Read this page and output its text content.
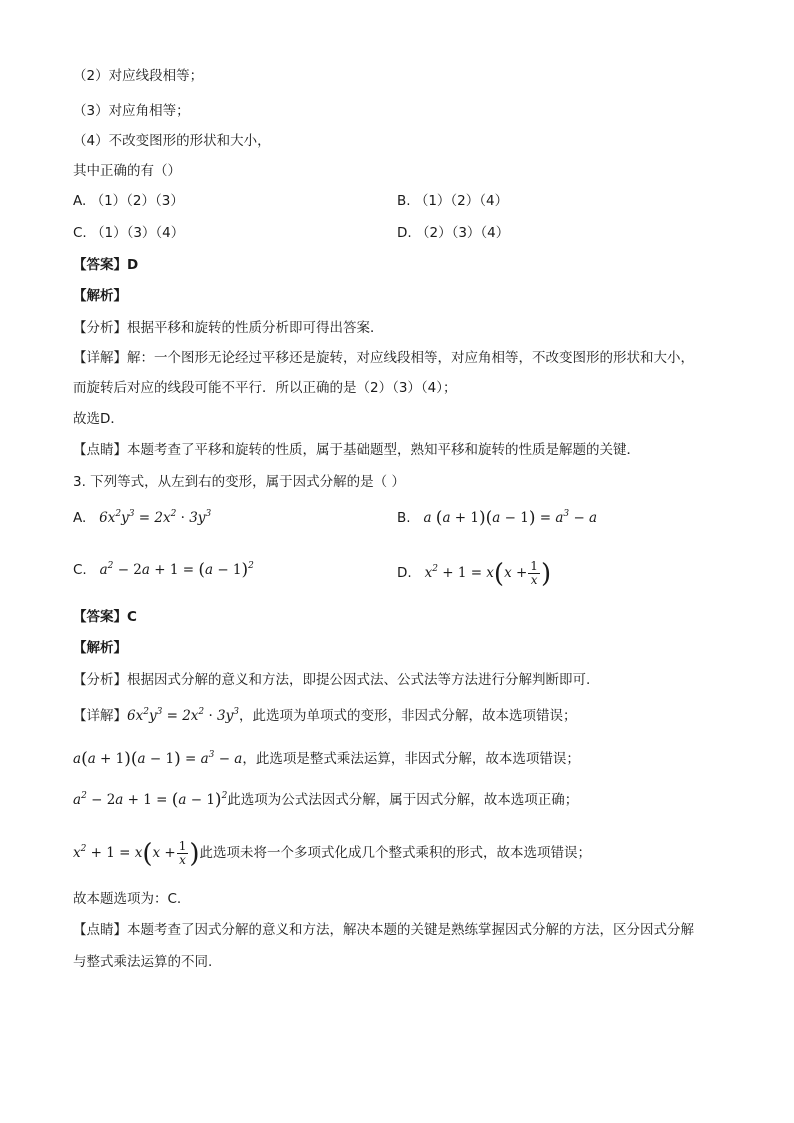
（2）对应线段相等；
（3）对应角相等；
（4）不改变图形的形状和大小，
其中正确的有（）
A. （1）（2）（3）	B. （1）（2）（4）
C. （1）（3）（4）	D. （2）（3）（4）
【答案】D
【解析】
【分析】根据平移和旋转的性质分析即可得出答案．
【详解】解：一个图形无论经过平移还是旋转，对应线段相等，对应角相等，不改变图形的形状和大小，
而旋转后对应的线段可能不平行．所以正确的是（2）（3）（4）；
故选D．
【点睛】本题考查了平移和旋转的性质，属于基础题型，熟知平移和旋转的性质是解题的关键．
3. 下列等式，从左到右的变形，属于因式分解的是（ ）
A.   $6x^2y^3 = 2x^2 \cdot 3y^3$	B.   a $(a + 1)(a - 1) = a^3 - a$
C.   $a^2 - 2a + 1 = (a - 1)^2$	D.   $x^2 + 1 = x(x + \frac{1}{x}$ )
【答案】C
【解析】
【分析】根据因式分解的意义和方法，即提公因式法、公式法等方法进行分解判断即可.
【详解】$6x^2y^3 = 2x^2 \cdot 3y^3$，此选项为单项式的变形，非因式分解，故本选项错误；
$a(a + 1)(a - 1) = a^3 - a$，此选项是整式乘法运算，非因式分解，故本选项错误；
$a^2 - 2a + 1 = (a - 1)^2$此选项为公式法因式分解，属于因式分解，故本选项正确；
$x^2 + 1 = x(x + \frac{1}{x}$ )此选项未将一个多项式化成几个整式乘积的形式，故本选项错误；
故本题选项为：C.
【点睛】本题考查了因式分解的意义和方法，解决本题的关键是熟练掌握因式分解的方法，区分因式分解
与整式乘法运算的不同.
